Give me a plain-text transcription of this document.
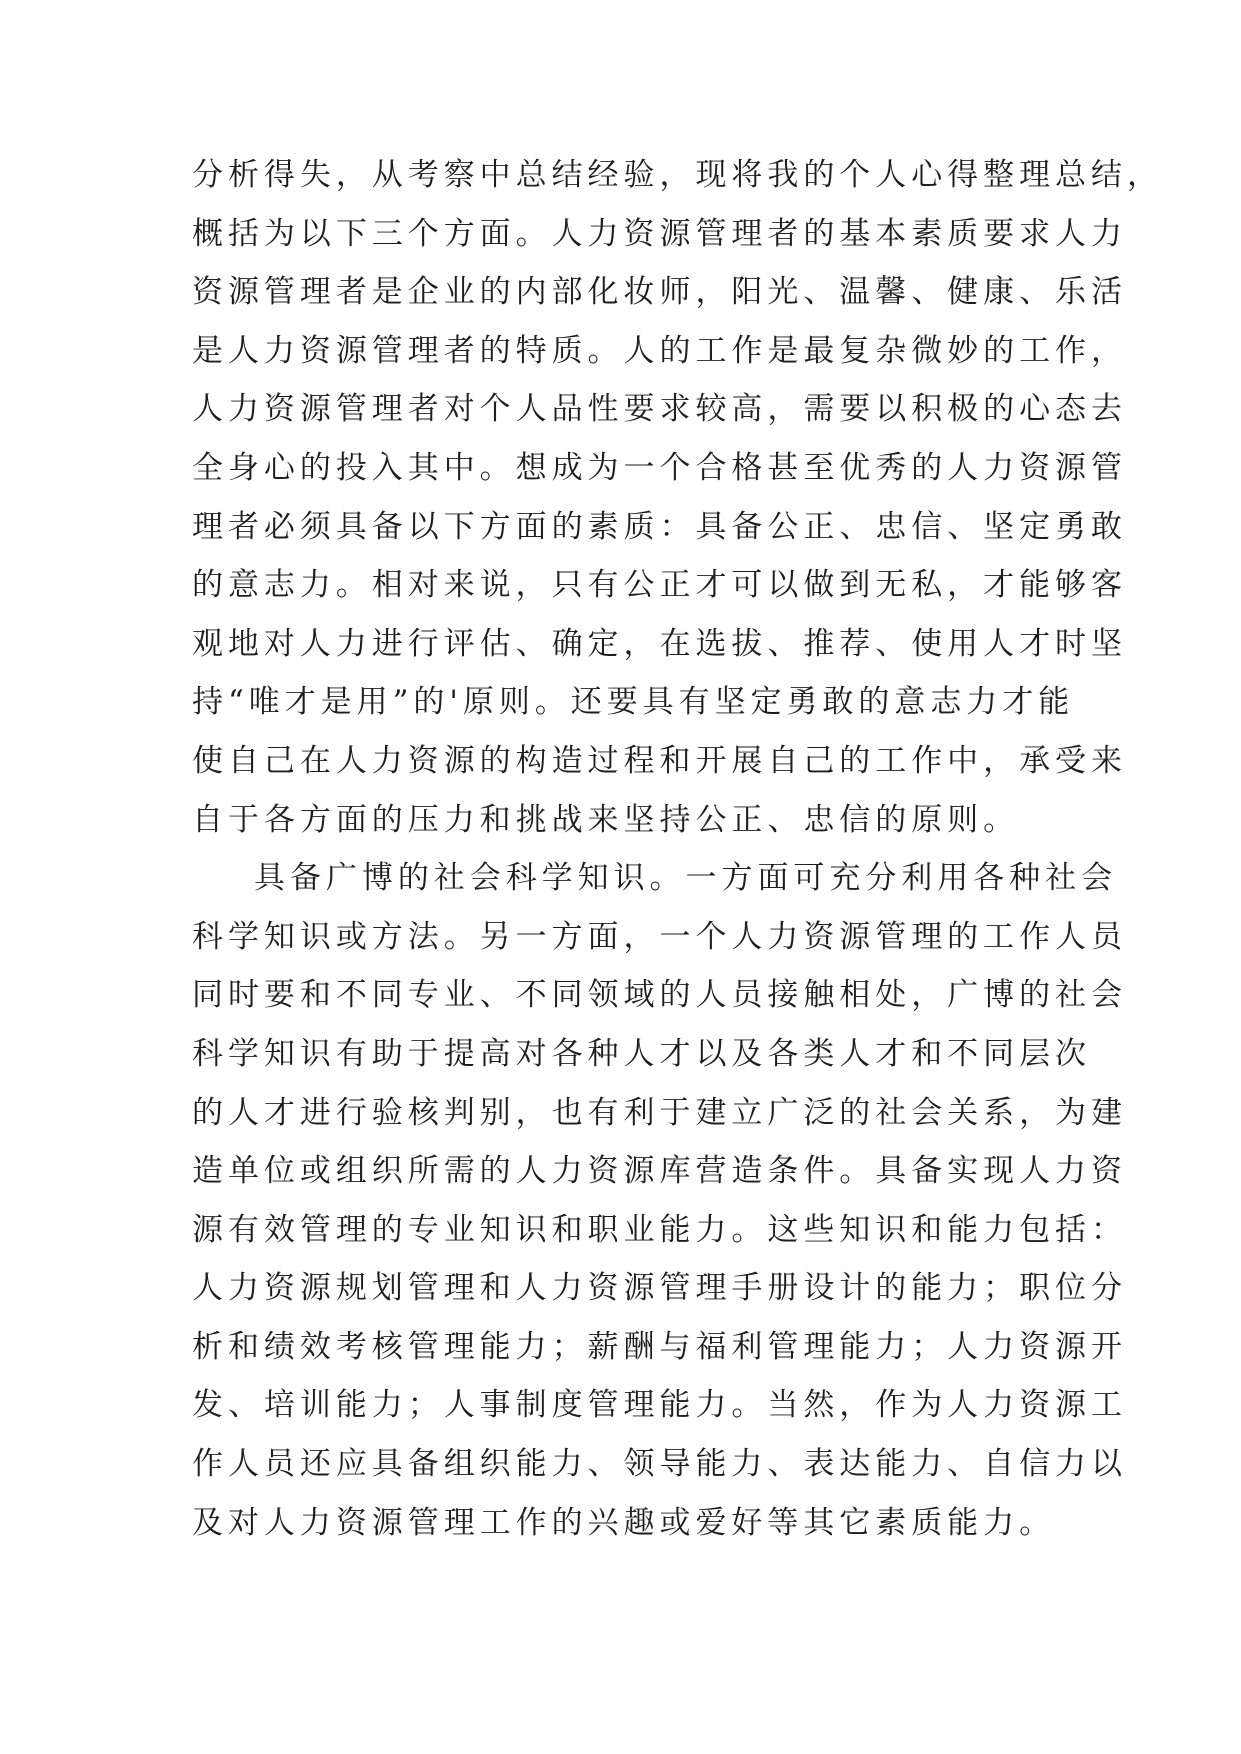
分析得失，从考察中总结经验，现将我的个人心得整理总结，
概括为以下三个方面。人力资源管理者的基本素质要求人力
资源管理者是企业的内部化妆师，阳光、温馨、健康、乐活
是人力资源管理者的特质。人的工作是最复杂微妙的工作，
人力资源管理者对个人品性要求较高，需要以积极的心态去
全身心的投入其中。想成为一个合格甚至优秀的人力资源管
理者必须具备以下方面的素质：具备公正、忠信、坚定勇敢
的意志力。相对来说，只有公正才可以做到无私，才能够客
观地对人力进行评估、确定，在选拔、推荐、使用人才时坚
持“唯才是用”的'原则。还要具有坚定勇敢的意志力才能
使自己在人力资源的构造过程和开展自己的工作中，承受来
自于各方面的压力和挑战来坚持公正、忠信的原则。
具备广博的社会科学知识。一方面可充分利用各种社会
科学知识或方法。另一方面，一个人力资源管理的工作人员
同时要和不同专业、不同领域的人员接触相处，广博的社会
科学知识有助于提高对各种人才以及各类人才和不同层次
的人才进行验核判别，也有利于建立广泛的社会关系，为建
造单位或组织所需的人力资源库营造条件。具备实现人力资
源有效管理的专业知识和职业能力。这些知识和能力包括：
人力资源规划管理和人力资源管理手册设计的能力；职位分
析和绩效考核管理能力；薪酬与福利管理能力；人力资源开
发、培训能力；人事制度管理能力。当然，作为人力资源工
作人员还应具备组织能力、领导能力、表达能力、自信力以
及对人力资源管理工作的兴趣或爱好等其它素质能力。
